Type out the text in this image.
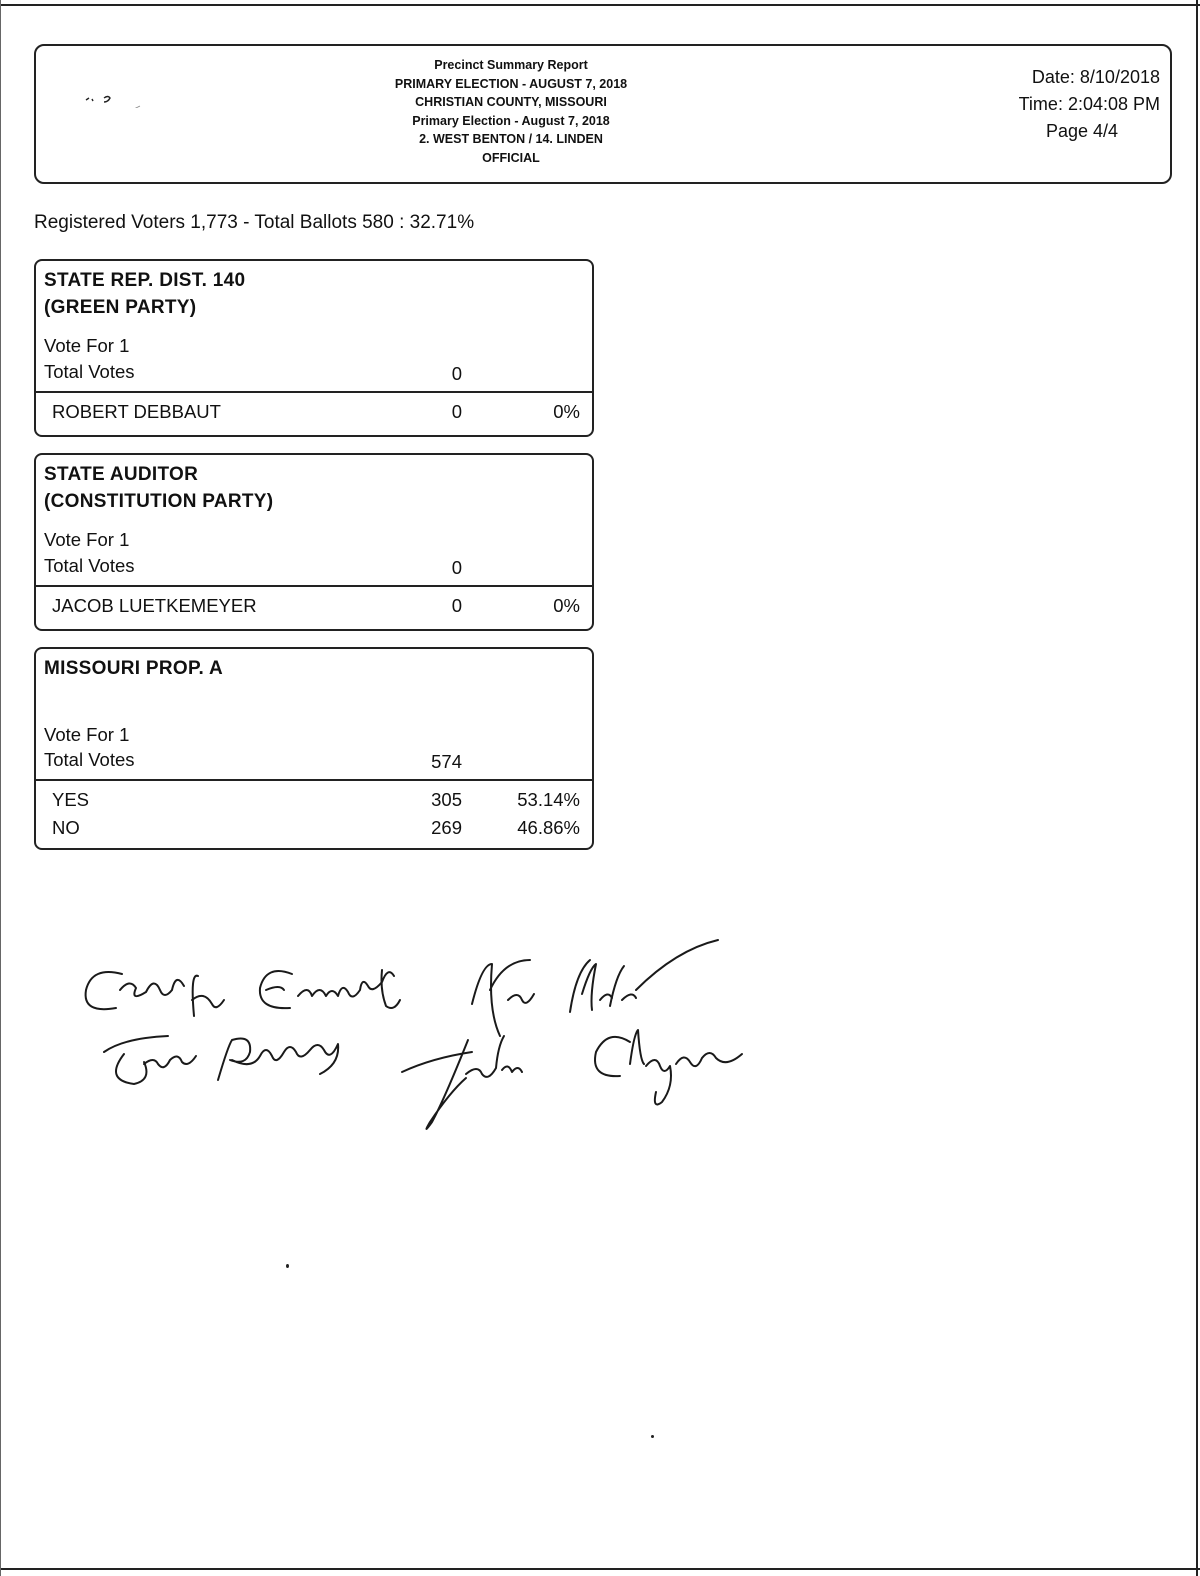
Precinct Summary Report
PRIMARY ELECTION - AUGUST 7, 2018
CHRISTIAN COUNTY, MISSOURI
Primary Election - August 7, 2018
2. WEST BENTON / 14. LINDEN
OFFICIAL
Date: 8/10/2018
Time: 2:04:08 PM
Page 4/4
Registered Voters 1,773 - Total Ballots 580 : 32.71%
STATE REP. DIST. 140
(GREEN PARTY)
Vote For 1
Total Votes	0
ROBERT DEBBAUT	0	0%
STATE AUDITOR
(CONSTITUTION PARTY)
Vote For 1
Total Votes	0
JACOB LUETKEMEYER	0	0%
MISSOURI PROP. A
Vote For 1
Total Votes	574
YES	305	53.14%
NO	269	46.86%
